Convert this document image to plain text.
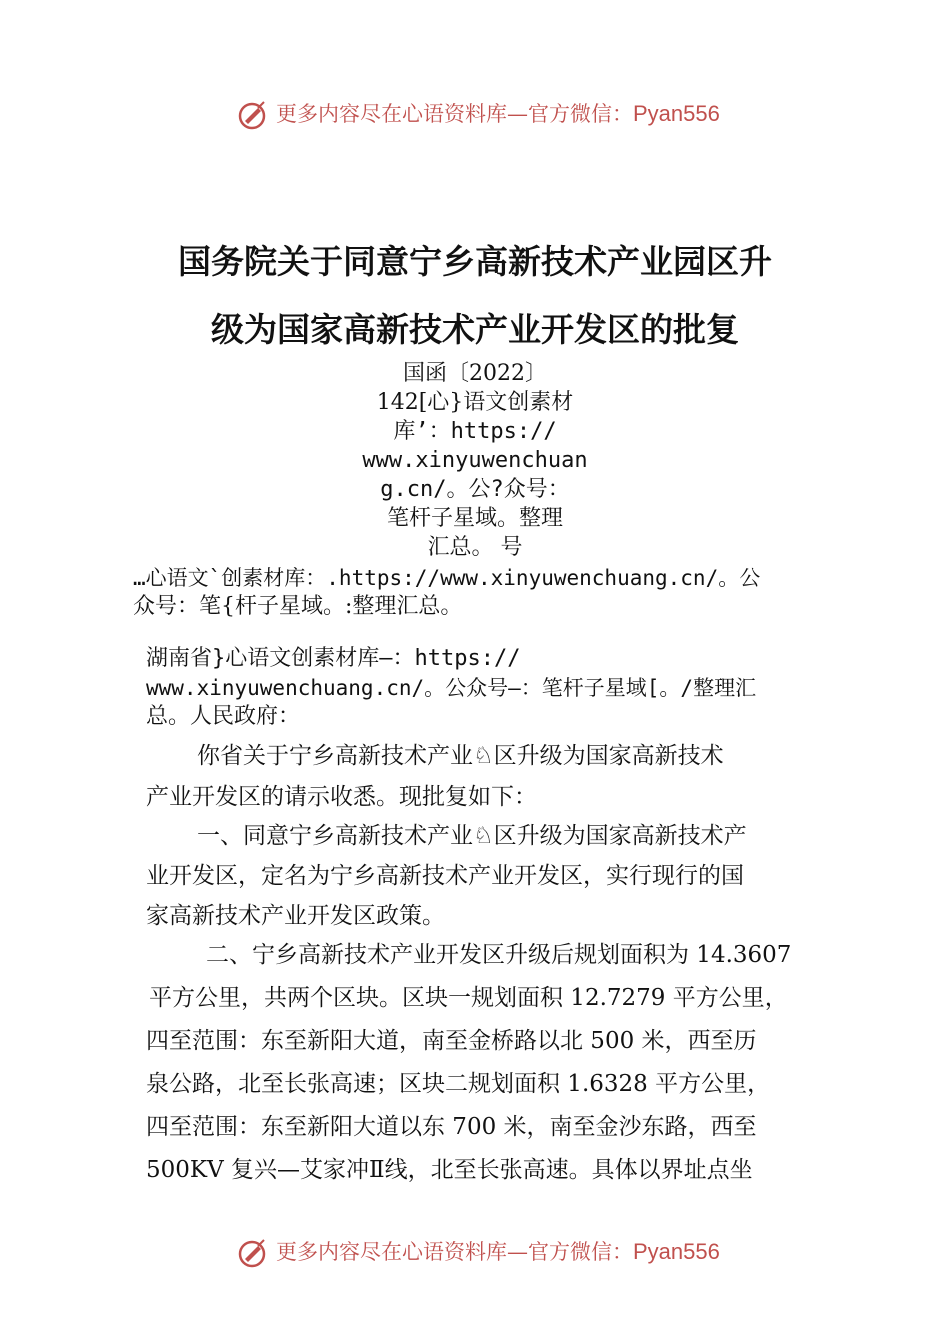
更多内容尽在心语资料库—官方微信：Pyan556
国务院关于同意宁乡高新技术产业园区升
级为国家高新技术产业开发区的批复
国函〔2022〕
142[心}语文创素材
库’：https://
www.xinyuwenchuan
g.cn/。公?众号：
笔杆子星域。整理
汇总。 号
…心语文`创素材库：.https://www.xinyuwenchuang.cn/。公
众号：笔{杆子星域。:整理汇总。
湖南省}心语文创素材库—：https://
www.xinyuwenchuang.cn/。公众号—：笔杆子星域[。/整理汇
总。人民政府：
你省关于宁乡高新技术产业♘区升级为国家高新技术
产业开发区的请示收悉。现批复如下：
一、同意宁乡高新技术产业♘区升级为国家高新技术产
业开发区，定名为宁乡高新技术产业开发区，实行现行的国
家高新技术产业开发区政策。
二、宁乡高新技术产业开发区升级后规划面积为 14.3607
平方公里，共两个区块。区块一规划面积 12.7279 平方公里，
四至范围：东至新阳大道，南至金桥路以北 500 米，西至历
泉公路，北至长张高速；区块二规划面积 1.6328 平方公里，
四至范围：东至新阳大道以东 700 米，南至金沙东路，西至
500KV 复兴—艾家冲Ⅱ线，北至长张高速。具体以界址点坐
更多内容尽在心语资料库—官方微信：Pyan556
